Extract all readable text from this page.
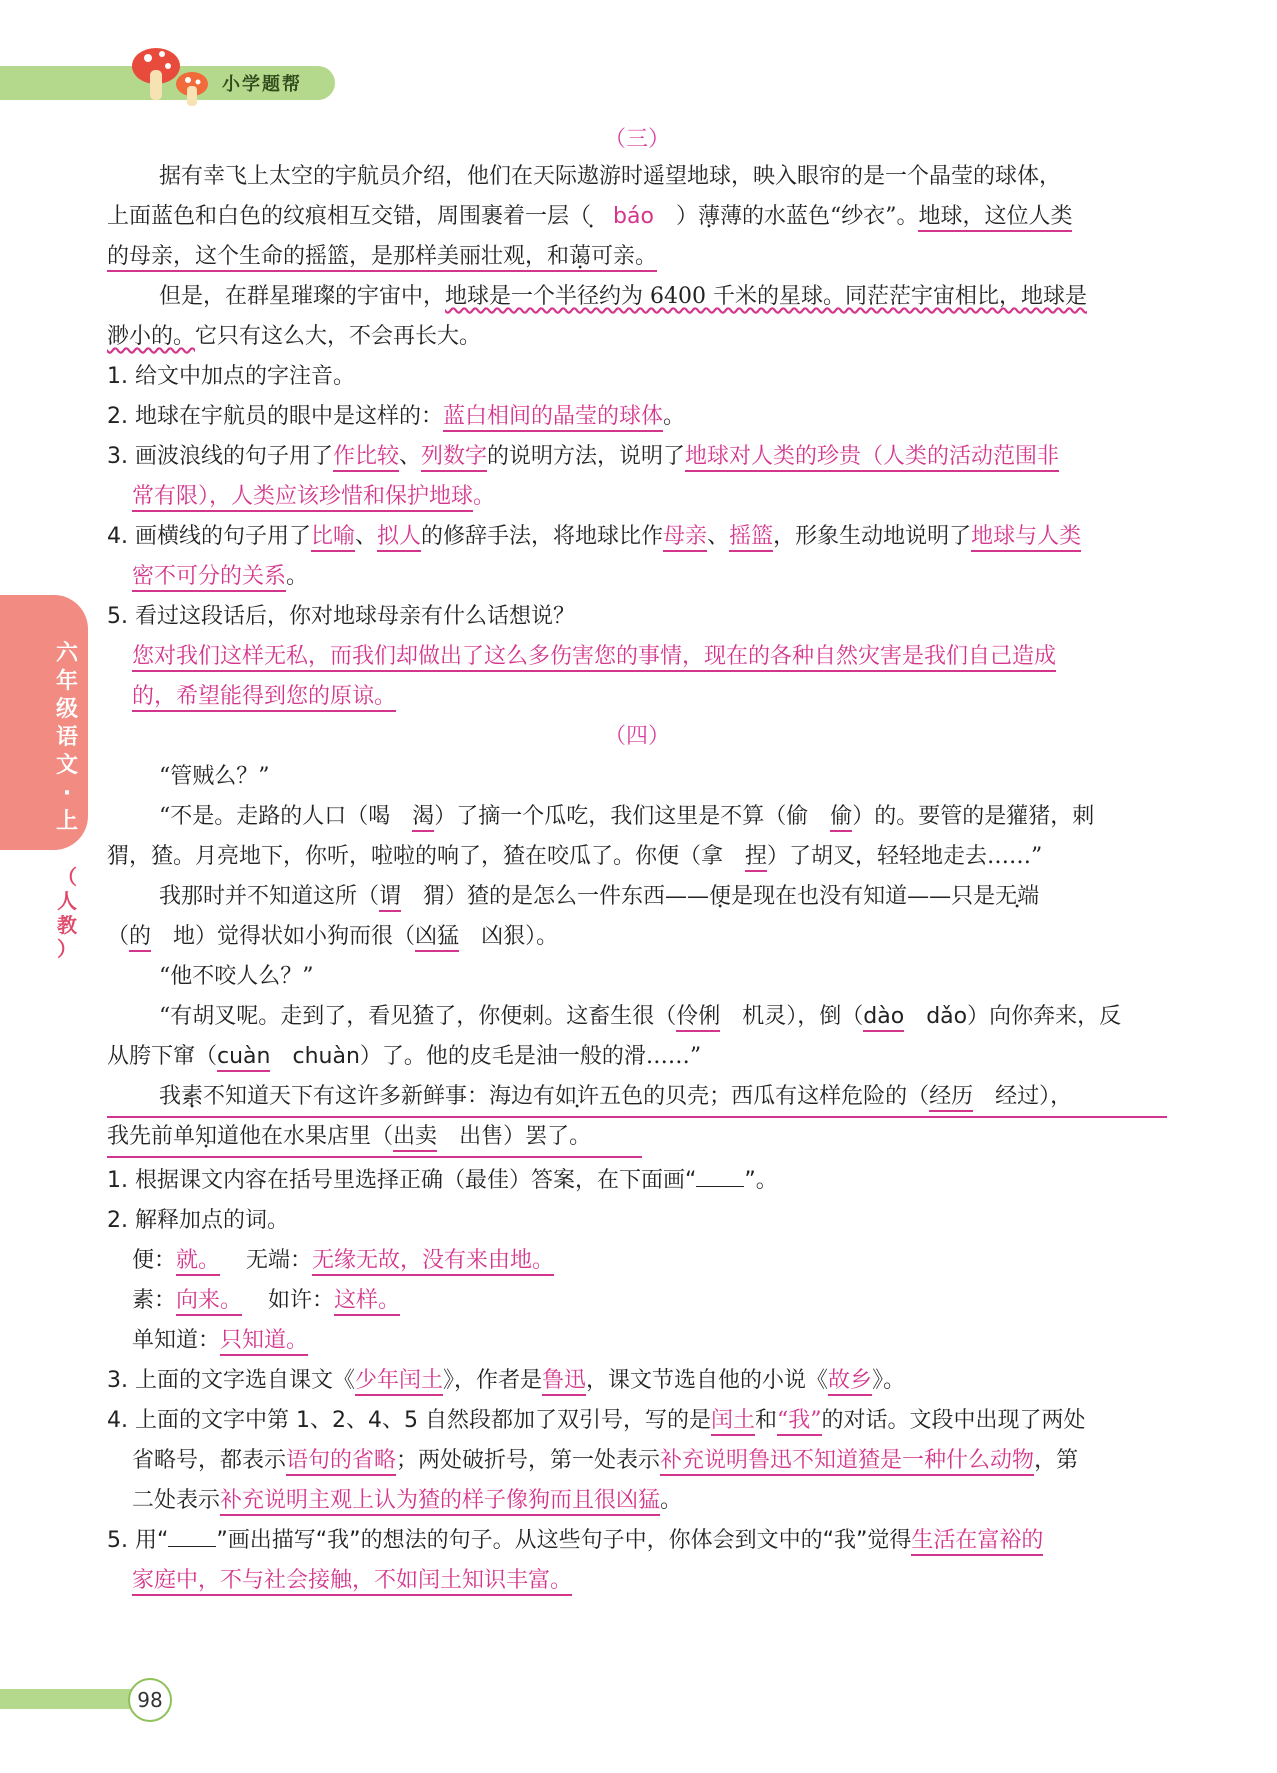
小学题帮
六
年
级
语
文
·
上
（
人
教
）
（三）
据有幸飞上太空的宇航员介绍，他们在天际遨游时遥望地球，映入眼帘的是一个晶莹的球体，
上面蓝色和白色的纹痕相互交错，周围裹着一层（ báo ）薄薄的水蓝色“纱衣”。地球，这位人类
的母亲，这个生命的摇篮，是那样美丽壮观，和蔼可亲。
但是，在群星璀璨的宇宙中，地球是一个半径约为 6400 千米的星球。同茫茫宇宙相比，地球是
渺小的。它只有这么大，不会再长大。
1. 给文中加点的字注音。
2. 地球在宇航员的眼中是这样的：蓝白相间的晶莹的球体。
3. 画波浪线的句子用了作比较、列数字的说明方法，说明了地球对人类的珍贵（人类的活动范围非
常有限），人类应该珍惜和保护地球。
4. 画横线的句子用了比喻、拟人的修辞手法，将地球比作母亲、摇篮，形象生动地说明了地球与人类
密不可分的关系。
5. 看过这段话后，你对地球母亲有什么话想说？
您对我们这样无私，而我们却做出了这么多伤害您的事情，现在的各种自然灾害是我们自己造成
的，希望能得到您的原谅。
（四）
“管贼么？”
“不是。走路的人口（喝 渴）了摘一个瓜吃，我们这里是不算（偷 偷）的。要管的是獾猪，刺
猬，猹。月亮地下，你听，啦啦的响了，猹在咬瓜了。你便（拿 捏）了胡叉，轻轻地走去……”
我那时并不知道这所（谓 猬）猹的是怎么一件东西——便是现在也没有知道——只是无端
（的 地）觉得状如小狗而很（凶猛 凶狠）。
“他不咬人么？”
“有胡叉呢。走到了，看见猹了，你便刺。这畜生很（伶俐 机灵），倒（dào dǎo）向你奔来，反
从胯下窜（cuàn chuàn）了。他的皮毛是油一般的滑……”
我素不知道天下有这许多新鲜事：海边有如许五色的贝壳；西瓜有这样危险的（经历 经过），
我先前单知道他在水果店里（出卖 出售）罢了。
1. 根据课文内容在括号里选择正确（最佳）答案，在下面画“ ”。
2. 解释加点的词。
便：就。 无端：无缘无故，没有来由地。
素：向来。 如许：这样。
单知道：只知道。
3. 上面的文字选自课文《少年闰土》，作者是鲁迅，课文节选自他的小说《故乡》。
4. 上面的文字中第 1、2、4、5 自然段都加了双引号，写的是闰土和“我”的对话。文段中出现了两处
省略号，都表示语句的省略；两处破折号，第一处表示补充说明鲁迅不知道猹是一种什么动物，第
二处表示补充说明主观上认为猹的样子像狗而且很凶猛。
5. 用“ ”画出描写“我”的想法的句子。从这些句子中，你体会到文中的“我”觉得生活在富裕的
家庭中，不与社会接触，不如闰土知识丰富。
98
